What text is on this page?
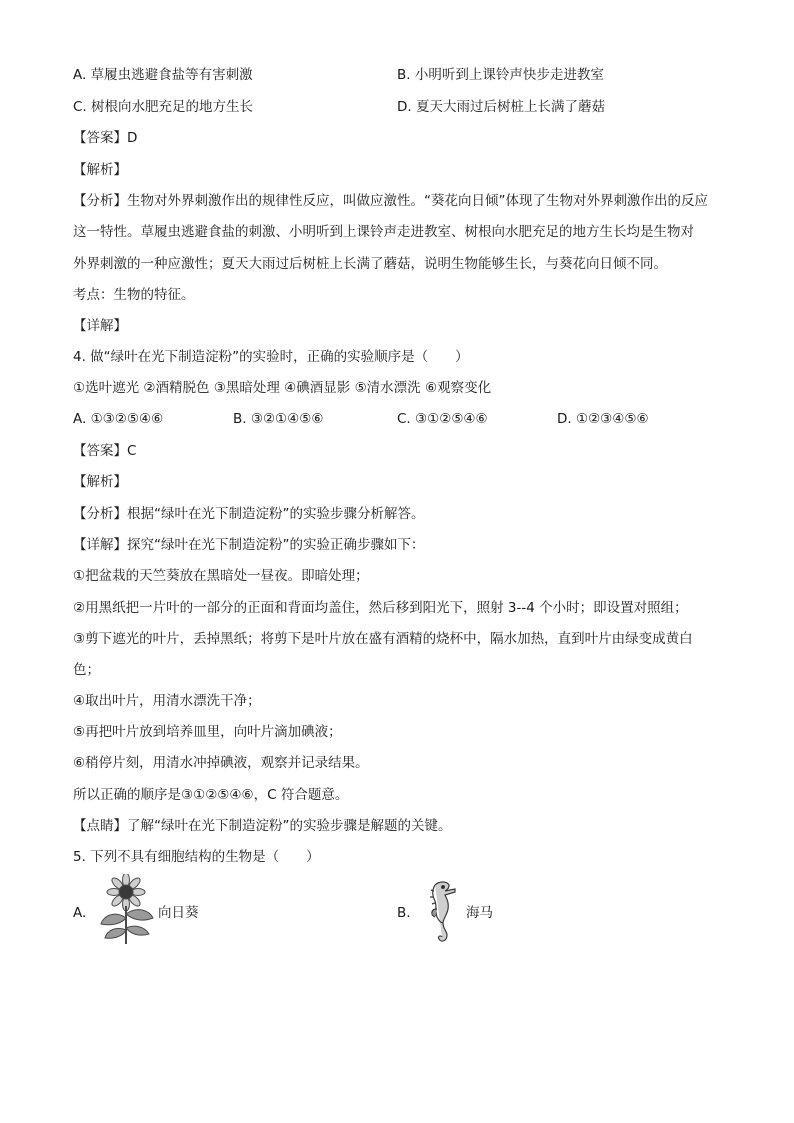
A. 草履虫逃避食盐等有害刺激	B. 小明听到上课铃声快步走进教室
C. 树根向水肥充足的地方生长	D. 夏天大雨过后树桩上长满了蘑菇
【答案】D
【解析】
【分析】生物对外界刺激作出的规律性反应，叫做应激性。“葵花向日倾”体现了生物对外界刺激作出的反应
这一特性。草履虫逃避食盐的刺激、小明听到上课铃声走进教室、树根向水肥充足的地方生长均是生物对
外界刺激的一种应激性；夏天大雨过后树桩上长满了蘑菇，说明生物能够生长，与葵花向日倾不同。
考点：生物的特征。
【详解】
4. 做“绿叶在光下制造淀粉”的实验时，正确的实验顺序是（　　）
①选叶遮光 ②酒精脱色 ③黑暗处理 ④碘酒显影 ⑤清水漂洗 ⑥观察变化
A. ①③②⑤④⑥	B. ③②①④⑤⑥	C. ③①②⑤④⑥	D. ①②③④⑤⑥
【答案】C
【解析】
【分析】根据“绿叶在光下制造淀粉”的实验步骤分析解答。
【详解】探究“绿叶在光下制造淀粉”的实验正确步骤如下：
①把盆栽的天竺葵放在黑暗处一昼夜。即暗处理；
②用黑纸把一片叶的一部分的正面和背面均盖住，然后移到阳光下，照射 3--4 个小时；即设置对照组；
③剪下遮光的叶片，丢掉黑纸；将剪下是叶片放在盛有酒精的烧杯中，隔水加热，直到叶片由绿变成黄白
色；
④取出叶片，用清水漂洗干净；
⑤再把叶片放到培养皿里，向叶片滴加碘液；
⑥稍停片刻，用清水冲掉碘液，观察并记录结果。
所以正确的顺序是③①②⑤④⑥，C 符合题意。
【点睛】了解“绿叶在光下制造淀粉”的实验步骤是解题的关键。
5. 下列不具有细胞结构的生物是（　　）
A.	向日葵	B.	海马
